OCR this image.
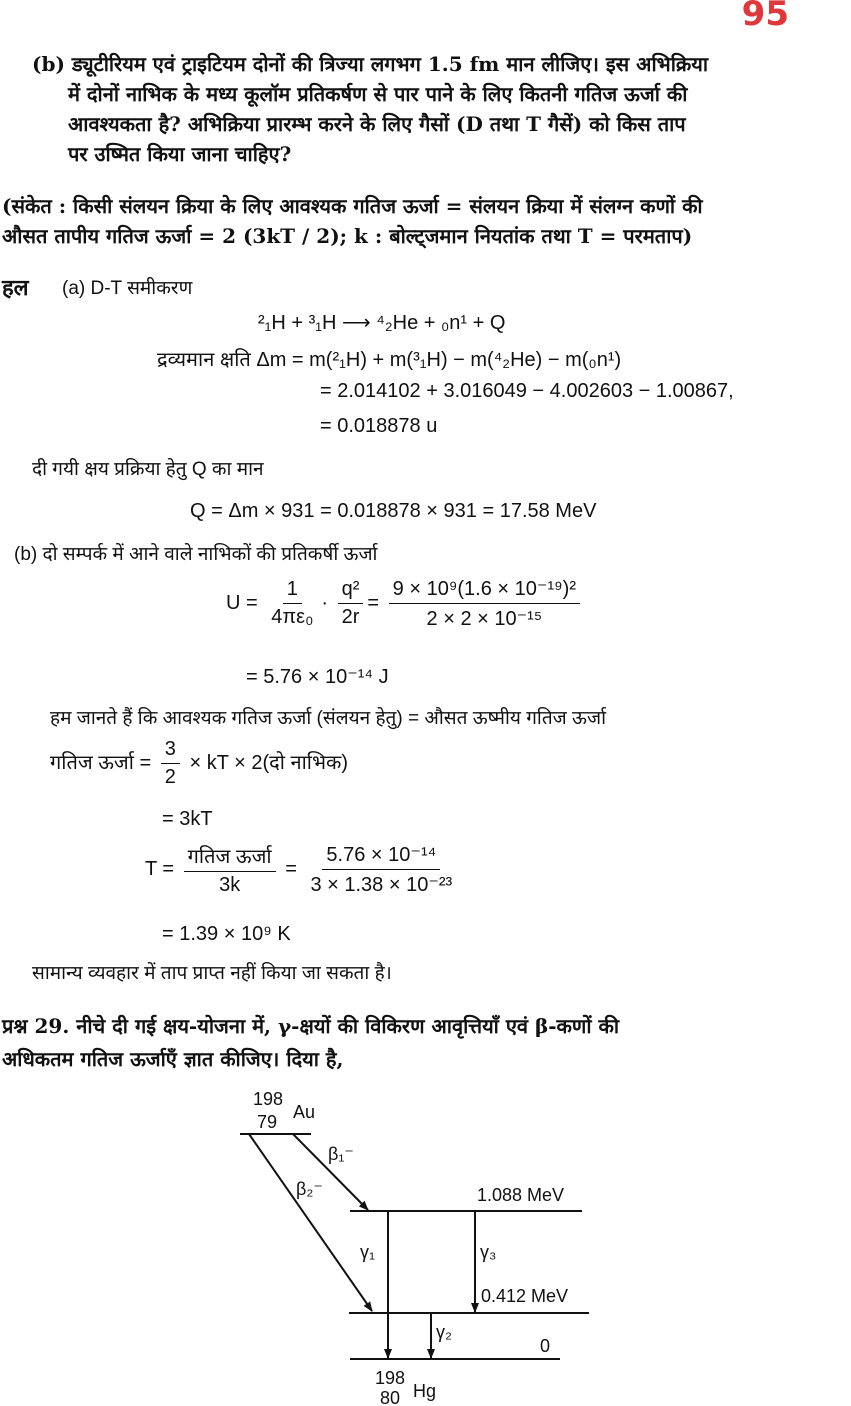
95
(b) ड्यूटीरियम एवं ट्राइटियम दोनों की त्रिज्या लगभग 1.5 fm मान लीजिए। इस अभिक्रिया
में दोनों नाभिक के मध्य कूलॉम प्रतिकर्षण से पार पाने के लिए कितनी गतिज ऊर्जा की
आवश्यकता है? अभिक्रिया प्रारम्भ करने के लिए गैसों (D तथा T गैसें) को किस ताप
पर उष्मित किया जाना चाहिए?
(संकेत : किसी संलयन क्रिया के लिए आवश्यक गतिज ऊर्जा = संलयन क्रिया में संलग्न कणों की
औसत तापीय गतिज ऊर्जा = 2 (3kT / 2); k : बोल्ट्जमान नियतांक तथा T = परमताप)
हल (a) D-T समीकरण
²₁H + ³₁H ⟶ ⁴₂He + ₀n¹ + Q
द्रव्यमान क्षति Δm = m(²₁H) + m(³₁H) − m(⁴₂He) − m(₀n¹)
= 2.014102 + 3.016049 − 4.002603 − 1.00867,
= 0.018878 u
दी गयी क्षय प्रक्रिया हेतु Q का मान
Q = Δm × 931 = 0.018878 × 931 = 17.58 MeV
(b) दो सम्पर्क में आने वाले नाभिकों की प्रतिकर्षी ऊर्जा
$U = \frac{1}{\text{4πε₀}} \cdot \frac{\text{q²}}{2r} = \frac{\text{9 × 10⁹(1.6 × 10⁻¹⁹)²}}{\text{2 × 2 × 10⁻¹⁵}}$
= 5.76 × 10⁻¹⁴ J
हम जानते हैं कि आवश्यक गतिज ऊर्जा (संलयन हेतु) = औसत ऊष्मीय गतिज ऊर्जा
गतिज ऊर्जा = $\frac{3}{2}$ × kT × 2(दो नाभिक)
= 3kT
$T = \frac{\text{गतिज ऊर्जा}}{3k} = \frac{\text{5.76 × 10⁻¹⁴}}{\text{3 × 1.38 × 10⁻²³}}$
= 1.39 × 10⁹ K
सामान्य व्यवहार में ताप प्राप्त नहीं किया जा सकता है।
प्रश्न 29. नीचे दी गई क्षय-योजना में, γ-क्षयों की विकिरण आवृत्तियाँ एवं β-कणों की
अधिकतम गतिज ऊर्जाएँ ज्ञात कीजिए। दिया है,
198
79 Au
β₁⁻
β₂⁻	1.088 MeV
γ₁	γ₃
0.412 MeV
γ₂
0
198
80 Hg
